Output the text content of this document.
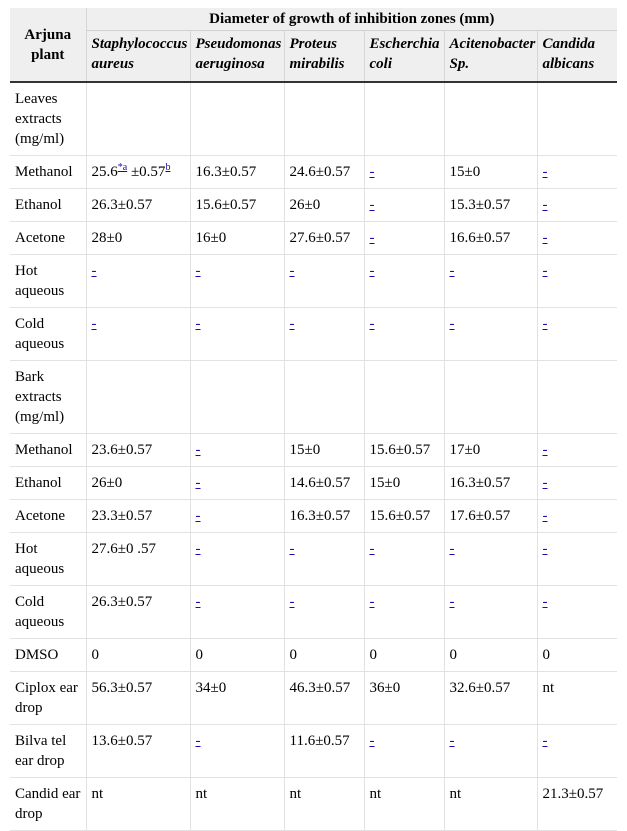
Arjuna plant	Diameter of growth of inhibition zones (mm)					
	Staphylococcus aureus	Pseudomonas aeruginosa	Proteus mirabilis	Escherchia coli	Acitenobacter Sp.	Candida albicans
Leaves extracts (mg/ml)						
Methanol	$25.6^{*a} \pm 0.57^b$	16.3±0.57	24.6±0.57	-	15±0	-
Ethanol	26.3±0.57	15.6±0.57	26±0	-	15.3±0.57	-
Acetone	28±0	16±0	27.6±0.57	-	16.6±0.57	-
Hot aqueous	-	-	-	-	-	-
Cold aqueous	-	-	-	-	-	-
Bark extracts (mg/ml)						
Methanol	23.6±0.57	-	15±0	15.6±0.57	17±0	-
Ethanol	26±0	-	14.6±0.57	15±0	16.3±0.57	-
Acetone	23.3±0.57	-	16.3±0.57	15.6±0.57	17.6±0.57	-
Hot aqueous	27.6±0 .57	-	-	-	-	-
Cold aqueous	26.3±0.57	-	-	-	-	-
DMSO	0	0	0	0	0	0
Ciplox ear drop	56.3±0.57	34±0	46.3±0.57	36±0	32.6±0.57	nt
Bilva tel ear drop	13.6±0.57	-	11.6±0.57	-	-	-
Candid ear drop	nt	nt	nt	nt	nt	21.3±0.57
